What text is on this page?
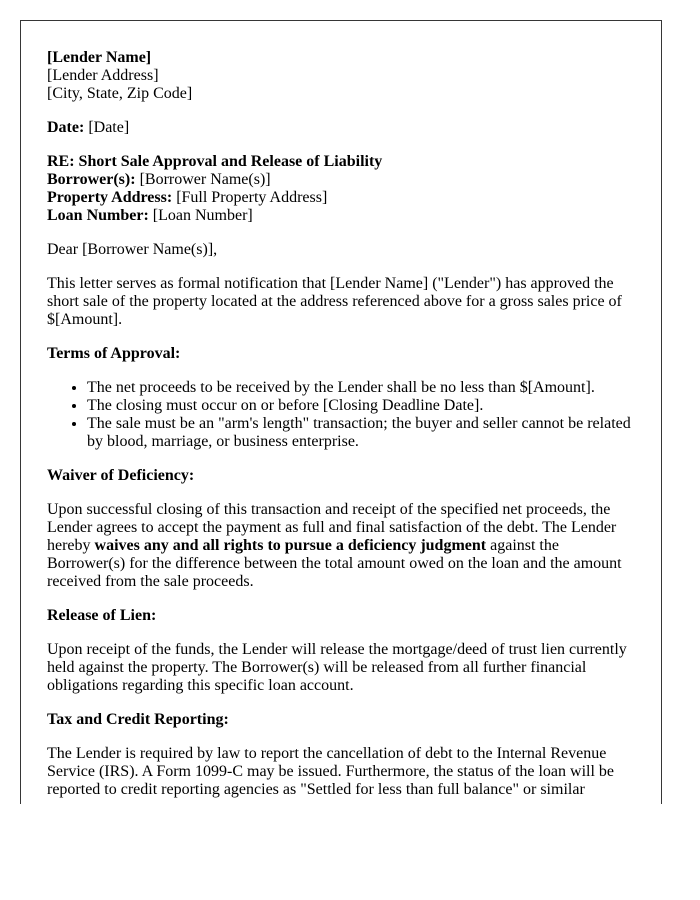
[Lender Name]
[Lender Address]
[City, State, Zip Code]
Date: [Date]
RE: Short Sale Approval and Release of Liability
Borrower(s): [Borrower Name(s)]
Property Address: [Full Property Address]
Loan Number: [Loan Number]
Dear [Borrower Name(s)],
This letter serves as formal notification that [Lender Name] ("Lender") has approved the short sale of the property located at the address referenced above for a gross sales price of $[Amount].
Terms of Approval:
• The net proceeds to be received by the Lender shall be no less than $[Amount].
• The closing must occur on or before [Closing Deadline Date].
• The sale must be an "arm's length" transaction; the buyer and seller cannot be related by blood, marriage, or business enterprise.
Waiver of Deficiency:
Upon successful closing of this transaction and receipt of the specified net proceeds, the Lender agrees to accept the payment as full and final satisfaction of the debt. The Lender hereby waives any and all rights to pursue a deficiency judgment against the Borrower(s) for the difference between the total amount owed on the loan and the amount received from the sale proceeds.
Release of Lien:
Upon receipt of the funds, the Lender will release the mortgage/deed of trust lien currently held against the property. The Borrower(s) will be released from all further financial obligations regarding this specific loan account.
Tax and Credit Reporting:
The Lender is required by law to report the cancellation of debt to the Internal Revenue Service (IRS). A Form 1099-C may be issued. Furthermore, the status of the loan will be reported to credit reporting agencies as "Settled for less than full balance" or similar
